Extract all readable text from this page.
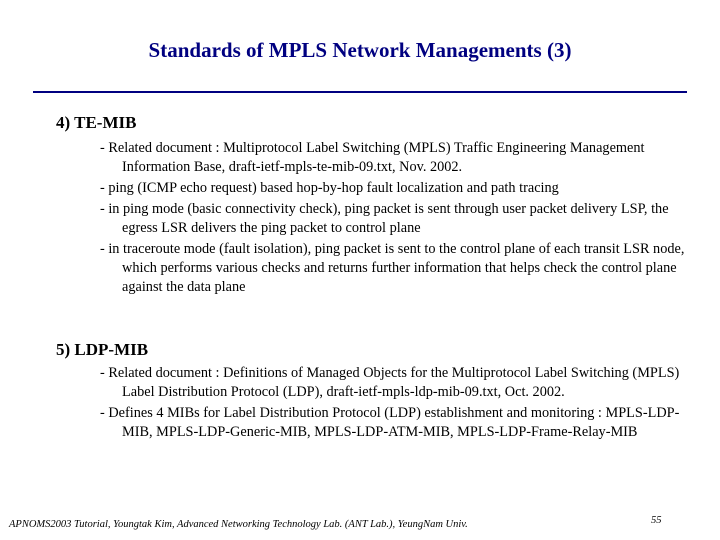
Standards of MPLS Network Managements (3)
4) TE-MIB
- Related document : Multiprotocol Label Switching (MPLS) Traffic Engineering Management Information Base, draft-ietf-mpls-te-mib-09.txt, Nov. 2002.
- ping (ICMP echo request) based hop-by-hop fault localization and path tracing
- in ping mode (basic connectivity check), ping packet is sent through user packet delivery LSP, the egress LSR delivers the ping packet to control plane
- in traceroute mode (fault isolation), ping packet is sent to the control plane of each transit LSR node, which performs various checks and returns further information that helps check the control plane against the data plane
5) LDP-MIB
- Related document : Definitions of Managed Objects for the Multiprotocol Label Switching (MPLS) Label Distribution Protocol (LDP), draft-ietf-mpls-ldp-mib-09.txt, Oct. 2002.
- Defines 4 MIBs for Label Distribution Protocol (LDP) establishment and monitoring : MPLS-LDP-MIB, MPLS-LDP-Generic-MIB, MPLS-LDP-ATM-MIB, MPLS-LDP-Frame-Relay-MIB
APNOMS2003 Tutorial, Youngtak Kim, Advanced Networking Technology Lab. (ANT Lab.), YeungNam Univ.	55
